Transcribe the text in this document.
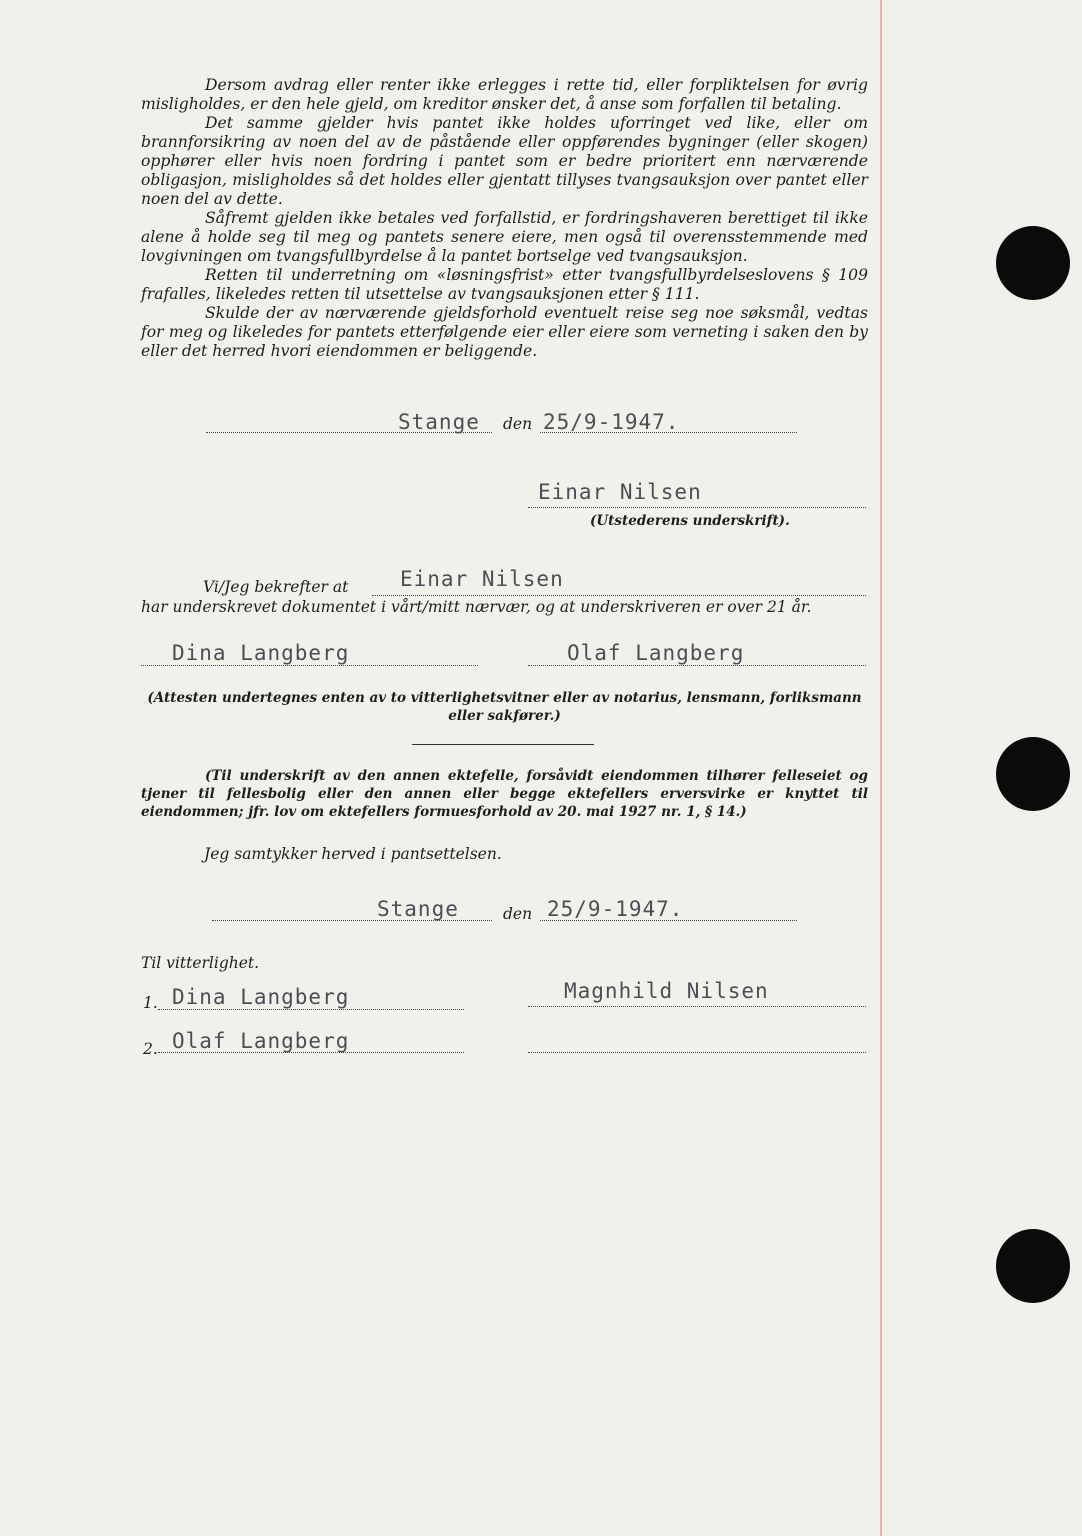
Dersom avdrag eller renter ikke erlegges i rette tid, eller forpliktelsen for øvrig misligholdes, er den hele gjeld, om kreditor ønsker det, å anse som forfallen til betaling.

Det samme gjelder hvis pantet ikke holdes uforringet ved like, eller om brannforsikring av noen del av de påstående eller oppførendes bygninger (eller skogen) opphører eller hvis noen fordring i pantet som er bedre prioritert enn nærværende obligasjon, misligholdes så det holdes eller gjentatt tillyses tvangsauksjon over pantet eller noen del av dette.

Såfremt gjelden ikke betales ved forfallstid, er fordringshaveren berettiget til ikke alene å holde seg til meg og pantets senere eiere, men også til overensstemmende med lovgivningen om tvangsfullbyrdelse å la pantet bortselge ved tvangsauksjon.

Retten til underretning om «løsningsfrist» etter tvangsfullbyrdelseslovens § 109 frafalles, likeledes retten til utsettelse av tvangsauksjonen etter § 111.

Skulde der av nærværende gjeldsforhold eventuelt reise seg noe søksmål, vedtas for meg og likeledes for pantets etterfølgende eier eller eiere som verneting i saken den by eller det herred hvori eiendommen er beliggende.

Stange den 25/9-1947.
Einar Nilsen
(Utstederens underskrift).
Vi/Jeg bekrefter at Einar Nilsen
har underskrevet dokumentet i vårt/mitt nærvær, og at underskriveren er over 21 år.
Dina Langberg	Olaf Langberg
(Attesten undertegnes enten av to vitterlighetsvitner eller av notarius, lensmann, forliksmann eller sakfører.)
(Til underskrift av den annen ektefelle, forsåvidt eiendommen tilhører felleseiet og tjener til fellesbolig eller den annen eller begge ektefellers erversvirke er knyttet til eiendommen; jfr. lov om ektefellers formuesforhold av 20. mai 1927 nr. 1, § 14.)
Jeg samtykker herved i pantsettelsen.
Stange	den 25/9-1947.
Til vitterlighet.
1. Dina Langberg	Magnhild Nilsen
2. Olaf Langberg
